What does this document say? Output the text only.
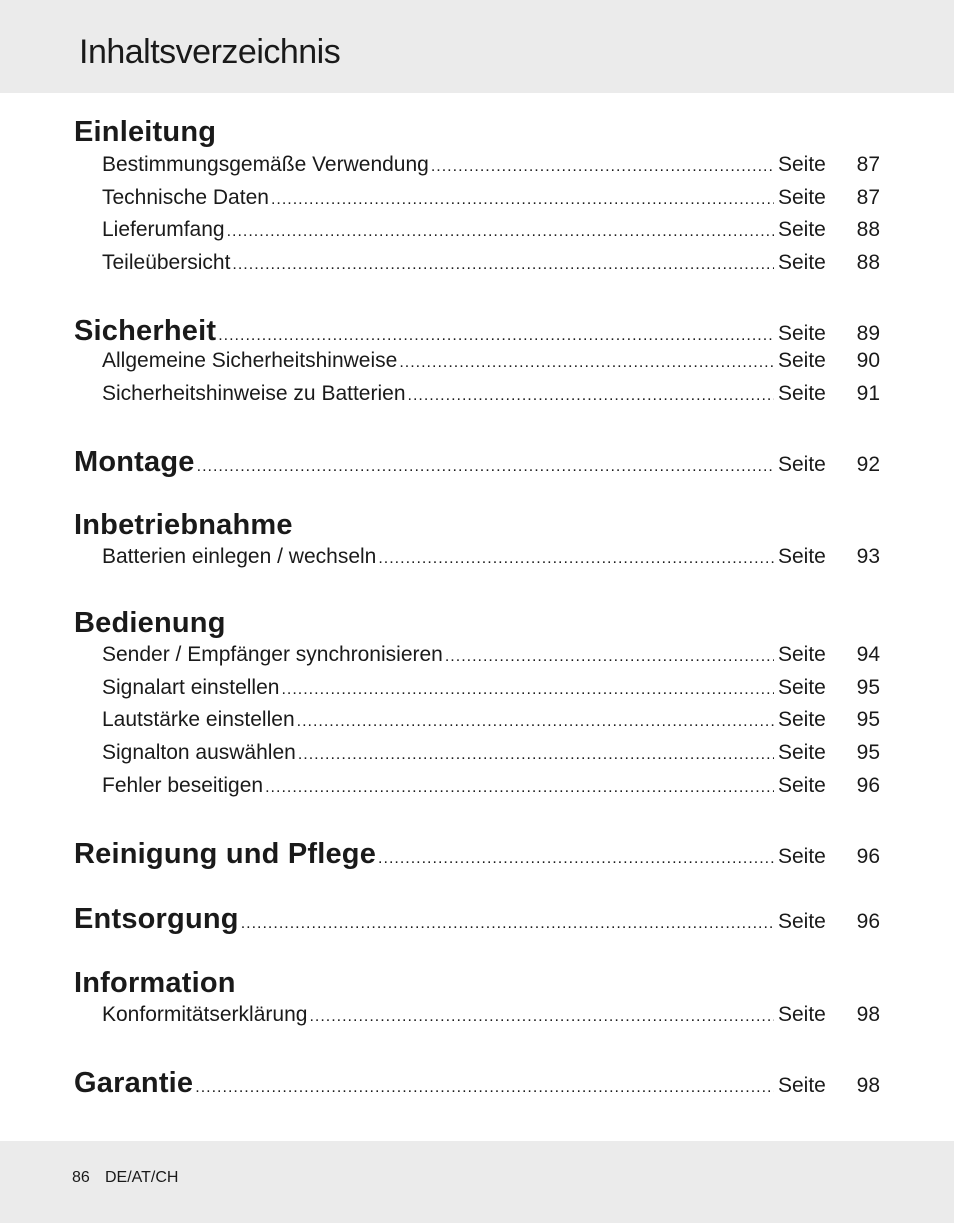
Inhaltsverzeichnis
Einleitung
Bestimmungsgemäße Verwendung .....	Seite	87
Technische Daten .....	Seite	87
Lieferumfang .....	Seite	88
Teileübersicht .....	Seite	88
Sicherheit .....	Seite	89
Allgemeine Sicherheitshinweise .....	Seite	90
Sicherheitshinweise zu Batterien .....	Seite	91
Montage .....	Seite	92
Inbetriebnahme
Batterien einlegen / wechseln .....	Seite	93
Bedienung
Sender / Empfänger synchronisieren .....	Seite	94
Signalart einstellen .....	Seite	95
Lautstärke einstellen .....	Seite	95
Signalton auswählen .....	Seite	95
Fehler beseitigen .....	Seite	96
Reinigung und Pflege .....	Seite	96
Entsorgung .....	Seite	96
Information
Konformitätserklärung .....	Seite	98
Garantie .....	Seite	98
86 DE/AT/CH
